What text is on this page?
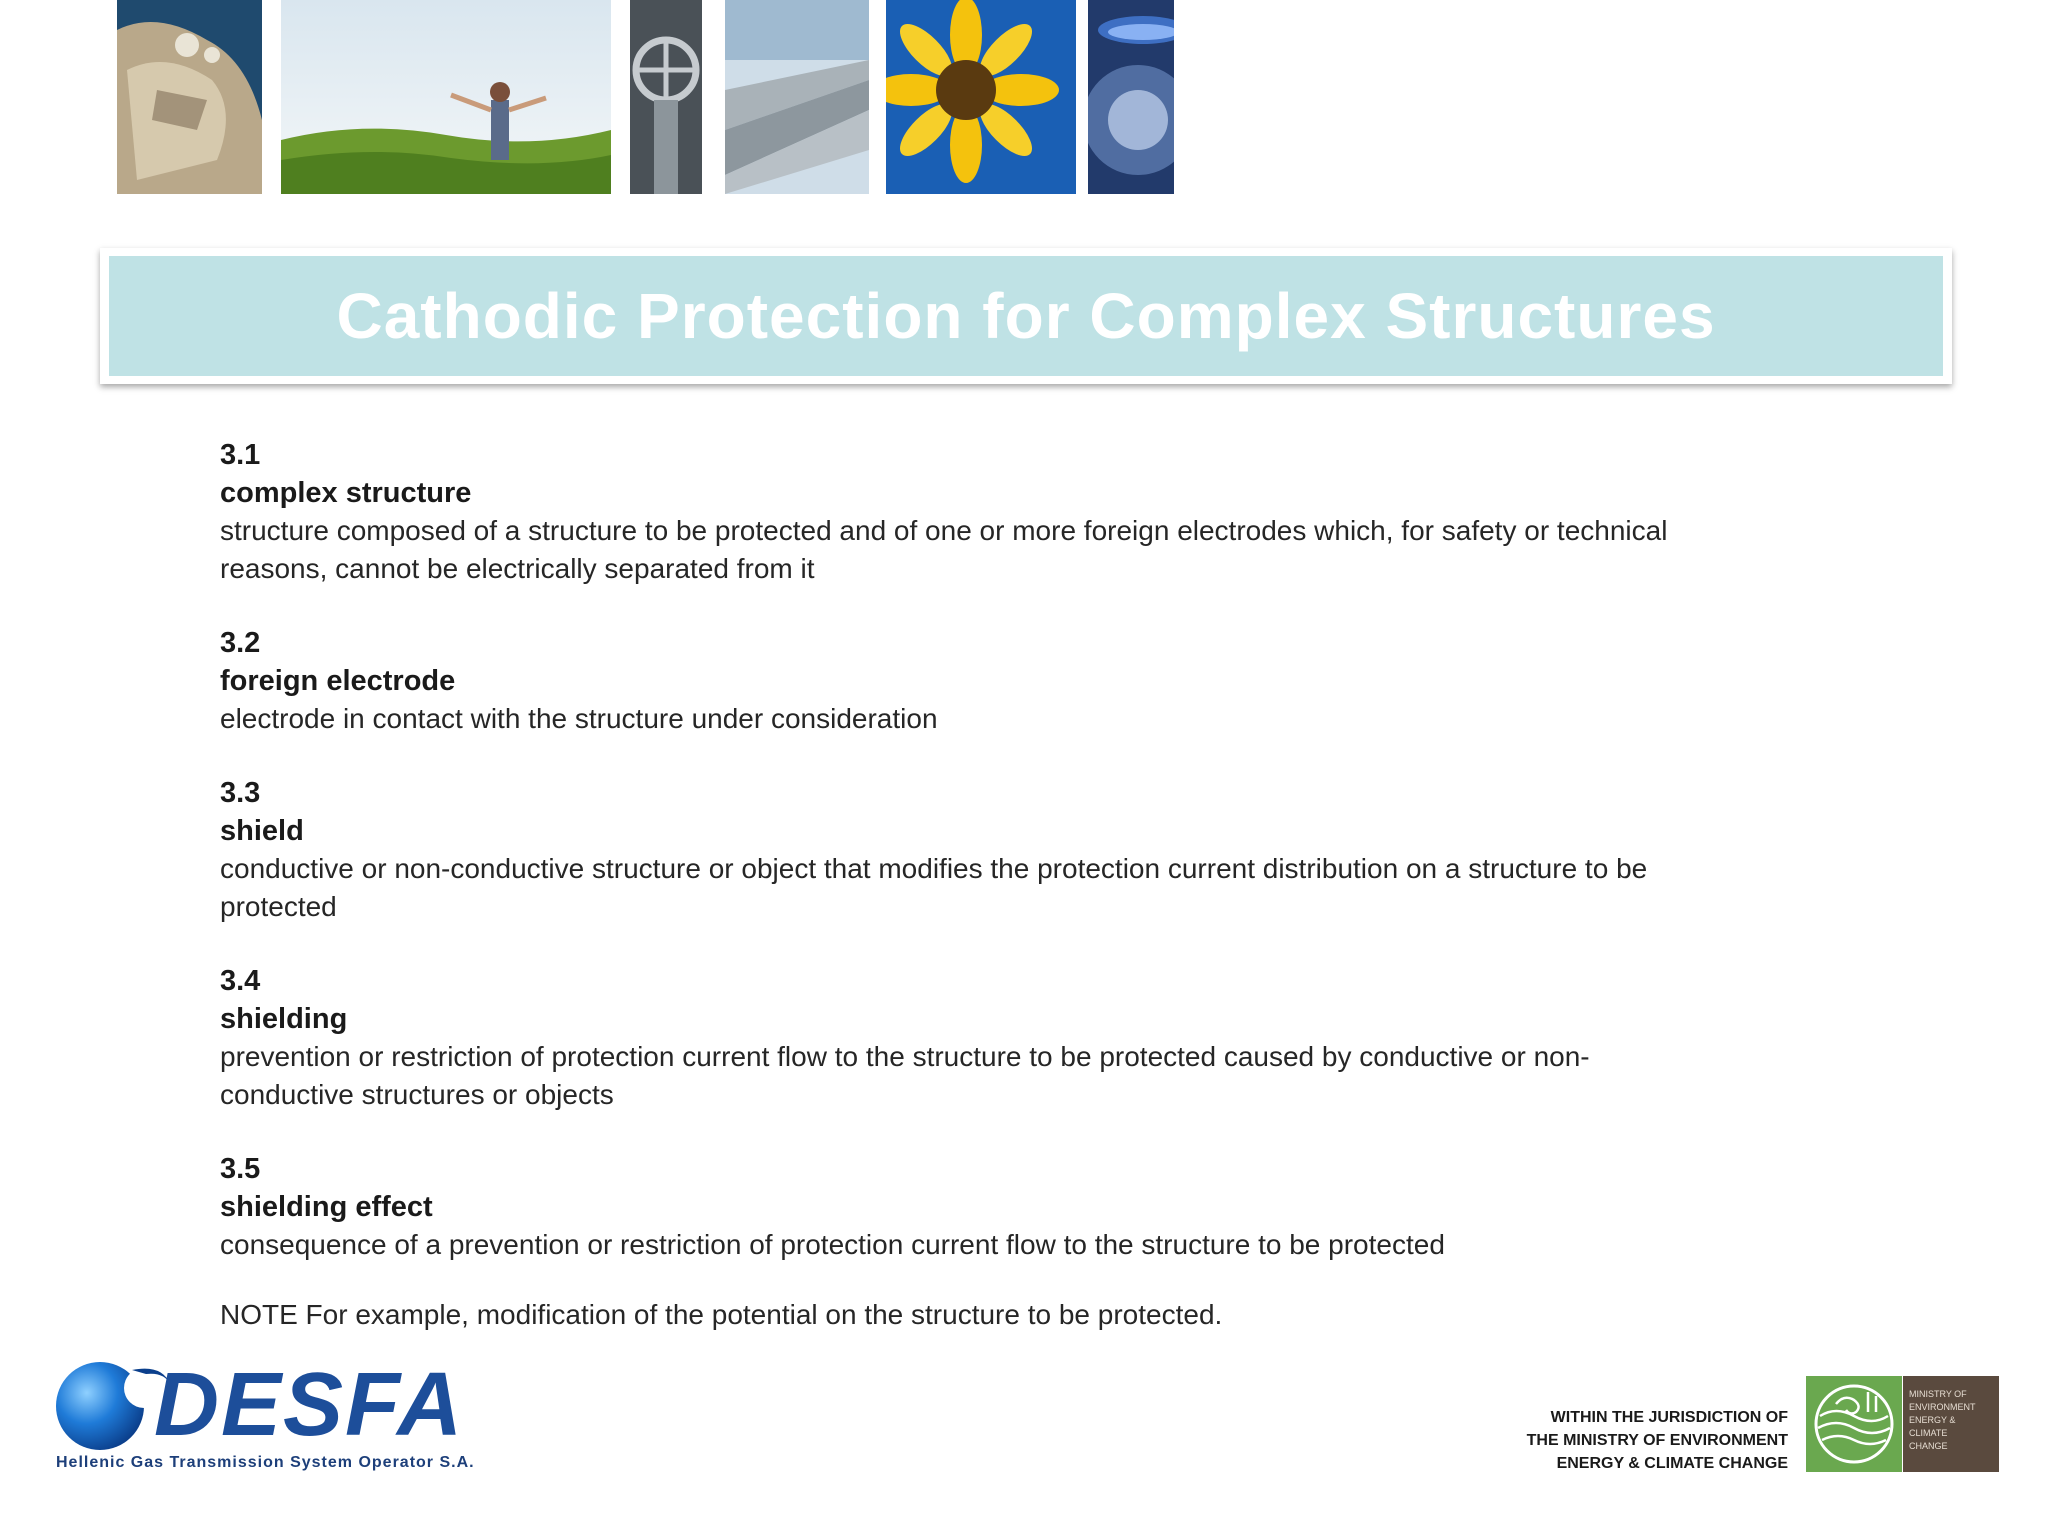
Cathodic Protection for Complex Structures
3.1
complex structure
structure composed of a structure to be protected and of one or more foreign electrodes which, for safety or technical
reasons, cannot be electrically separated from it
3.2
foreign electrode
electrode in contact with the structure under consideration
3.3
shield
conductive or non-conductive structure or object that modifies the protection current distribution on a structure to be
protected
3.4
shielding
prevention or restriction of protection current flow to the structure to be protected caused by conductive or non-
conductive structures or objects
3.5
shielding effect
consequence of a prevention or restriction of protection current flow to the structure to be protected
NOTE For example, modification of the potential on the structure to be protected.
DESFA
Hellenic Gas Transmission System Operator S.A.
WITHIN THE JURISDICTION OF
THE MINISTRY OF ENVIRONMENT
ENERGY & CLIMATE CHANGE
MINISTRY OF
ENVIRONMENT
ENERGY &
CLIMATE
CHANGE
